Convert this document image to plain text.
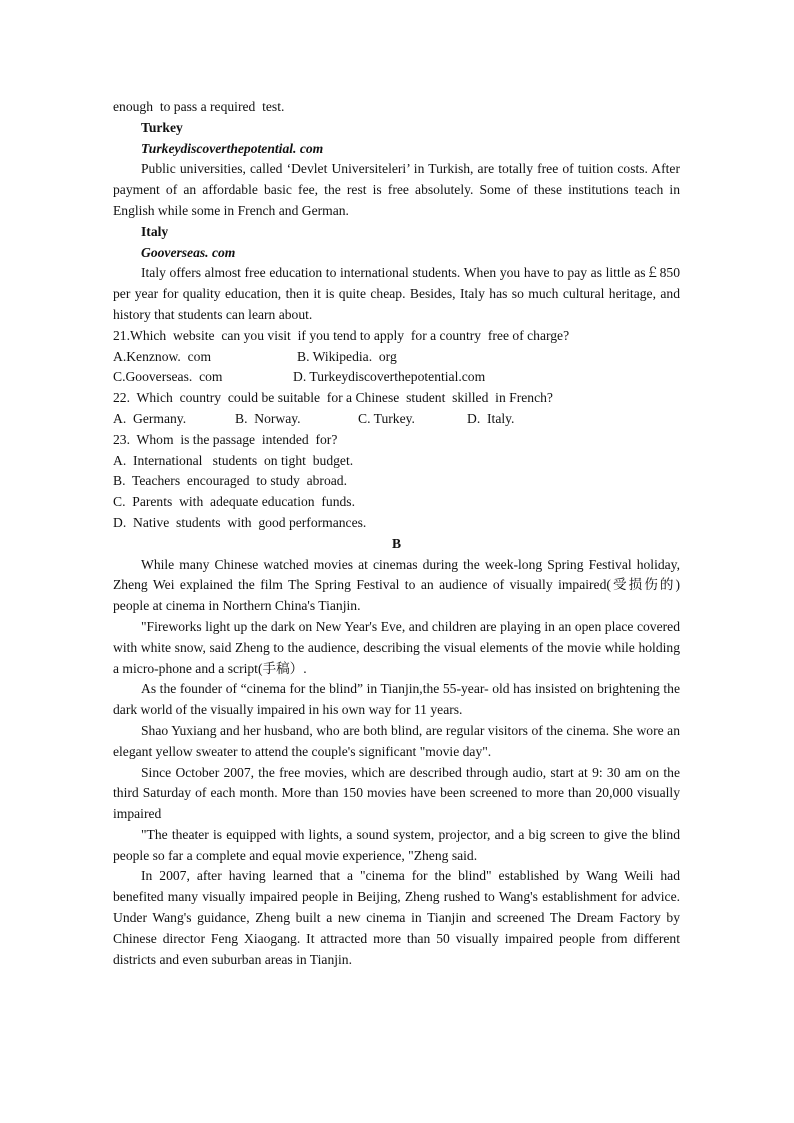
enough  to pass a required  test.
Turkey
Turkeydiscoverthepotential. com
Public universities, called ‘Devlet Universiteleri’ in Turkish, are totally free of tuition costs. After payment of an affordable basic fee, the rest is free absolutely. Some of these institutions teach in English while some in French and German.
Italy
Gooverseas. com
Italy offers almost free education to international students. When you have to pay as little as￡850 per year for quality education, then it is quite cheap. Besides, Italy has so much cultural heritage, and history that students can learn about.
21.Which  website  can you visit  if you tend to apply  for a country  free of charge?
A.Kenznow.  com	B. Wikipedia.  org
C.Gooverseas.  com	D. Turkeydiscoverthepotential.com
22.  Which  country  could be suitable  for a Chinese  student  skilled  in French?
A.  Germany.	B.  Norway.	C. Turkey.	D.  Italy.
23.  Whom  is the passage  intended  for?
A.  International   students  on tight  budget.
B.  Teachers  encouraged  to study  abroad.
C.  Parents  with  adequate education  funds.
D.  Native  students  with  good performances.
B
While many Chinese watched movies at cinemas during the week-long Spring Festival holiday, Zheng Wei explained the film The Spring Festival to an audience of visually impaired(受损伤的) people at cinema in Northern China's Tianjin.
"Fireworks light up the dark on New Year's Eve, and children are playing in an open place covered with white snow, said Zheng to the audience, describing the visual elements of the movie while holding a micro-phone and a script(手稿）.
As the founder of “cinema for the blind” in Tianjin,the 55-year- old has insisted on brightening the dark world of the visually impaired in his own way for 11 years.
Shao Yuxiang and her husband, who are both blind, are regular visitors of the cinema. She wore an elegant yellow sweater to attend the couple's significant "movie day".
Since October 2007, the free movies, which are described through audio, start at 9: 30 am on the third Saturday of each month. More than 150 movies have been screened to more than 20,000 visually impaired
"The theater is equipped with lights, a sound system, projector, and a big screen to give the blind people so far a complete and equal movie experience, "Zheng said.
In 2007, after having learned that a "cinema for the blind" established by Wang Weili had benefited many visually impaired people in Beijing, Zheng rushed to Wang's establishment for advice. Under Wang's guidance, Zheng built a new cinema in Tianjin and screened The Dream Factory by Chinese director Feng Xiaogang. It attracted more than 50 visually impaired people from different districts and even suburban areas in Tianjin.
